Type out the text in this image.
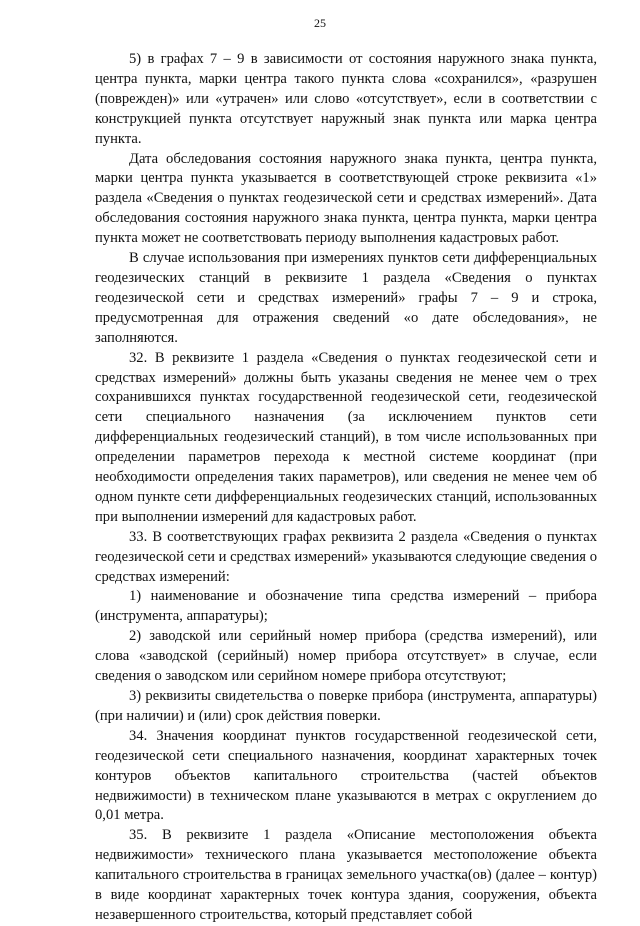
25

5) в графах 7 – 9 в зависимости от состояния наружного знака пункта, центра пункта, марки центра такого пункта слова «сохранился», «разрушен (поврежден)» или «утрачен» или слово «отсутствует», если в соответствии с конструкцией пункта отсутствует наружный знак пункта или марка центра пункта.

Дата обследования состояния наружного знака пункта, центра пункта, марки центра пункта указывается в соответствующей строке реквизита «1» раздела «Сведения о пунктах геодезической сети и средствах измерений». Дата обследования состояния наружного знака пункта, центра пункта, марки центра пункта может не соответствовать периоду выполнения кадастровых работ.

В случае использования при измерениях пунктов сети дифференциальных геодезических станций в реквизите 1 раздела «Сведения о пунктах геодезической сети и средствах измерений» графы 7 – 9 и строка, предусмотренная для отражения сведений «о дате обследования», не заполняются.

32. В реквизите 1 раздела «Сведения о пунктах геодезической сети и средствах измерений» должны быть указаны сведения не менее чем о трех сохранившихся пунктах государственной геодезической сети, геодезической сети специального назначения (за исключением пунктов сети дифференциальных геодезический станций), в том числе использованных при определении параметров перехода к местной системе координат (при необходимости определения таких параметров), или сведения не менее чем об одном пункте сети дифференциальных геодезических станций, использованных при выполнении измерений для кадастровых работ.

33. В соответствующих графах реквизита 2 раздела «Сведения о пунктах геодезической сети и средствах измерений» указываются следующие сведения о средствах измерений:

1) наименование и обозначение типа средства измерений – прибора (инструмента, аппаратуры);

2) заводской или серийный номер прибора (средства измерений), или слова «заводской (серийный) номер прибора отсутствует» в случае, если сведения о заводском или серийном номере прибора отсутствуют;

3) реквизиты свидетельства о поверке прибора (инструмента, аппаратуры) (при наличии) и (или) срок действия поверки.

34. Значения координат пунктов государственной геодезической сети, геодезической сети специального назначения, координат характерных точек контуров объектов капитального строительства (частей объектов недвижимости) в техническом плане указываются в метрах с округлением до 0,01 метра.

35. В реквизите 1 раздела «Описание местоположения объекта недвижимости» технического плана указывается местоположение объекта капитального строительства в границах земельного участка(ов) (далее – контур) в виде координат характерных точек контура здания, сооружения, объекта незавершенного строительства, который представляет собой
